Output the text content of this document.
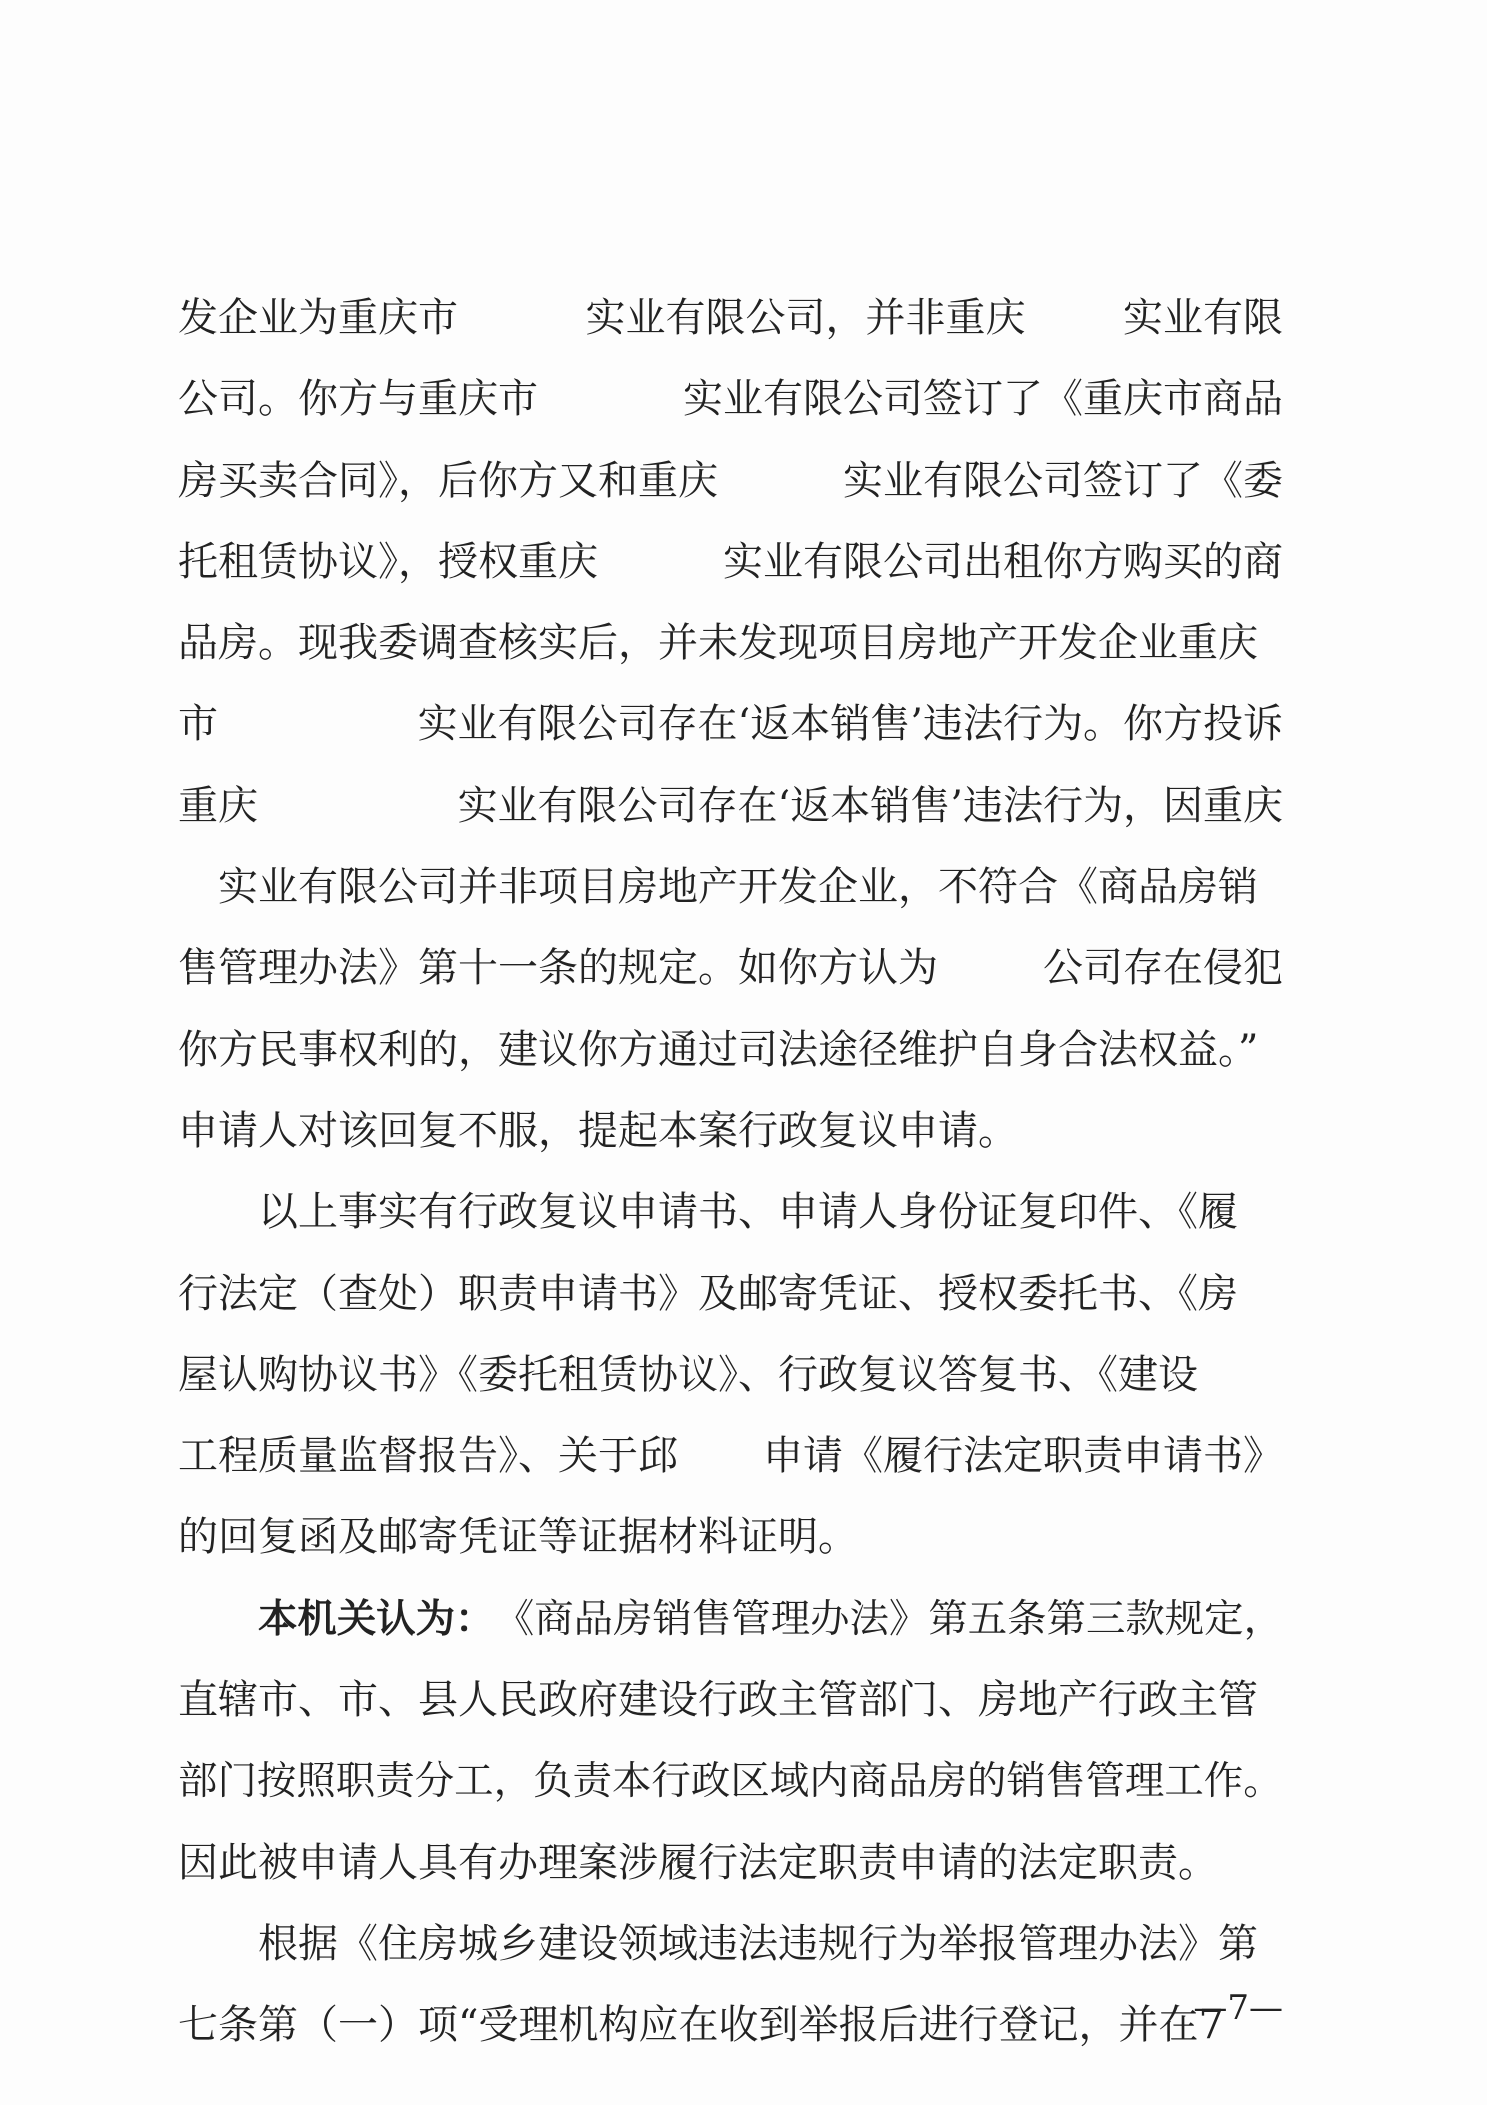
发企业为重庆市	实业有限公司，并非重庆 实业有限
公司。你方与重庆市	实业有限公司签订了《重庆市商品
房买卖合同》，后你方又和重庆	实业有限公司签订了《委
托租赁协议》，授权重庆	实业有限公司出租你方购买的商
品房。现我委调查核实后，并未发现项目房地产开发企业重庆
市	实业有限公司存在‘返本销售’违法行为。你方投诉
重庆	实业有限公司存在‘返本销售’违法行为，因重庆
实业有限公司并非项目房地产开发企业，不符合《商品房销
售管理办法》第十一条的规定。如你方认为	公司存在侵犯
你方民事权利的，建议你方通过司法途径维护自身合法权益。”
申请人对该回复不服，提起本案行政复议申请。
以上事实有行政复议申请书、申请人身份证复印件、《履
行法定（查处）职责申请书》及邮寄凭证、授权委托书、《房
屋认购协议书》《委托租赁协议》、行政复议答复书、《建设
工程质量监督报告》、关于邱 申请《履行法定职责申请书》
的回复函及邮寄凭证等证据材料证明。
本机关认为： 《商品房销售管理办法》第五条第三款规定，
直辖市、市、县人民政府建设行政主管部门、房地产行政主管
部门按照职责分工，负责本行政区域内商品房的销售管理工作。
因此被申请人具有办理案涉履行法定职责申请的法定职责。
根据《住房城乡建设领域违法违规行为举报管理办法》第
七条第（一）项“受理机构应在收到举报后进行登记，并在7
—7—
